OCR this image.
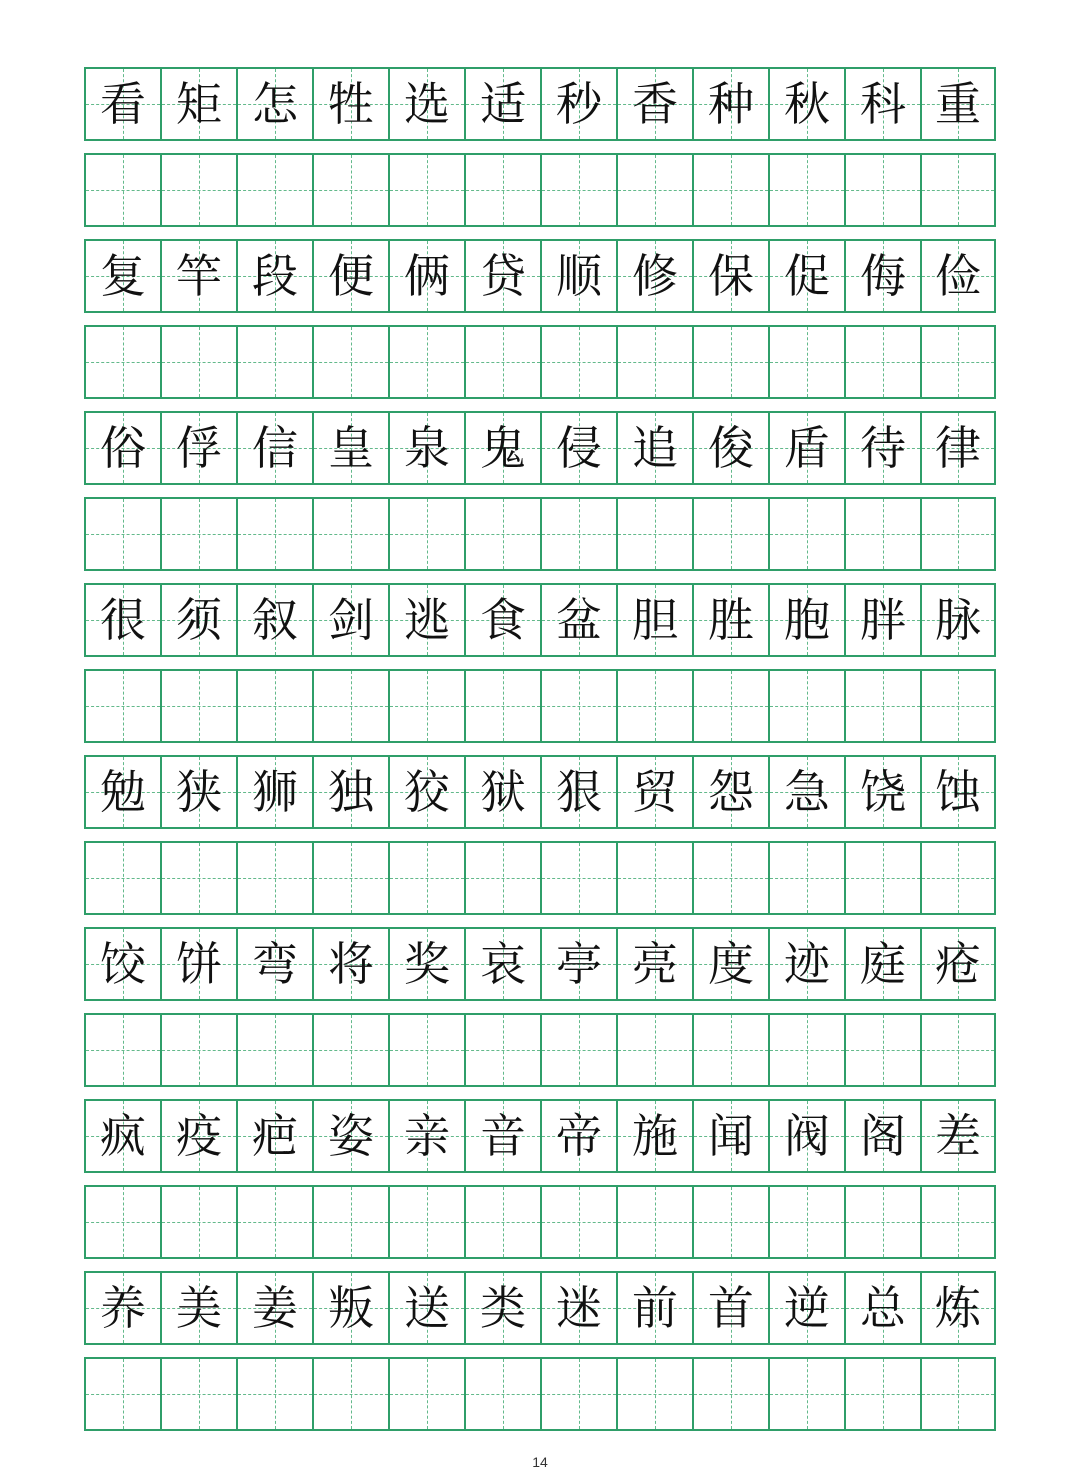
看 矩 怎 牲 选 适 秒 香 种 秋 科 重
复 竿 段 便 俩 贷 顺 修 保 促 侮 俭
俗 俘 信 皇 泉 鬼 侵 追 俊 盾 待 律
很 须 叙 剑 逃 食 盆 胆 胜 胞 胖 脉
勉 狭 狮 独 狡 狱 狠 贸 怨 急 饶 蚀
饺 饼 弯 将 奖 哀 亭 亮 度 迹 庭 疮
疯 疫 疤 姿 亲 音 帝 施 闻 阀 阁 差
养 美 姜 叛 送 类 迷 前 首 逆 总 炼
14
